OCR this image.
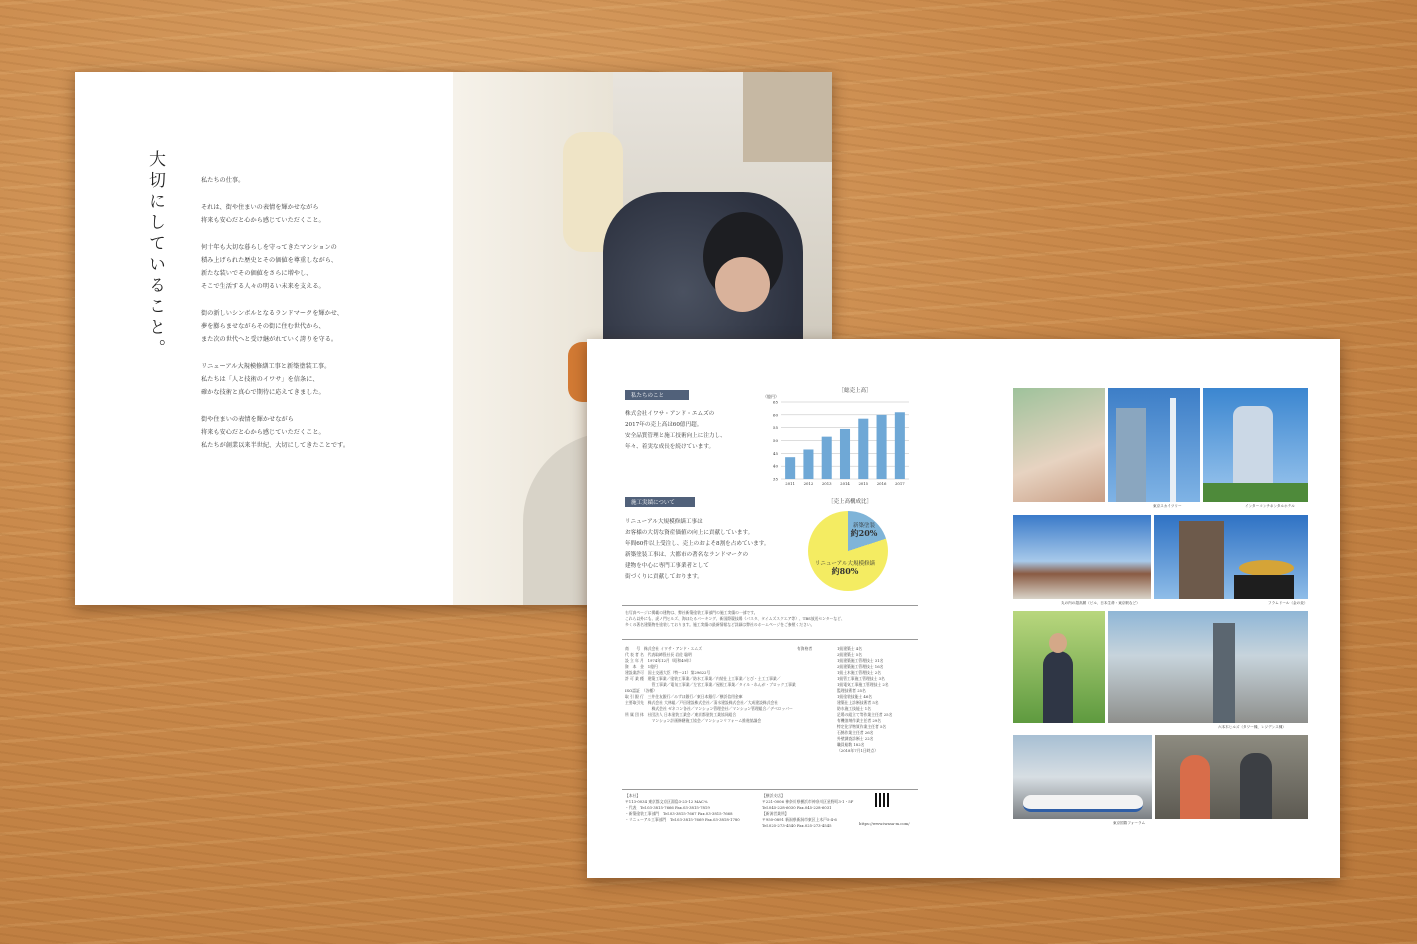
大切にしていること。	私たちの仕事。

それは、街や住まいの表情を輝かせながら
将来も安心だと心から感じていただくこと。

何十年も大切な暮らしを守ってきたマンションの
積み上げられた歴史とその価値を尊重しながら、
新たな装いでその価値をさらに増やし、
そこで生活する人々の明るい未来を支える。

街の新しいシンボルとなるランドマークを輝かせ、
夢を膨らませながらその街に住む世代から、
また次の世代へと受け継がれていく誇りを守る。

リニューアル大規模修繕工事と新築塗装工事。
私たちは「人と技術のイワサ」を信条に、
確かな技術と真心で期待に応えてきました。

街や住まいの表情を輝かせながら
将来も安心だと心から感じていただくこと。
私たちが創業以来半世紀、大切にしてきたことです。

私たちのこと
株式会社イワサ・アンド・エムズの
2017年の売上高は60億円超。
安全品質管理と施工技術向上に注力し、
年々、着実な成長を続けています。
［総売上高］
（億円）
65
60
55
50
45
40
35
2011 2012 2013 2014 2015 2016 2017
施工実績について
リニューアル大規模修繕工事は
お客様の大切な資産価値の向上に貢献しています。
年間60件以上受注し、売上のおよそ8割を占めています。
新築塗装工事は、大都市の著名なランドマークの
建物を中心に専門工事業者として
街づくりに貢献しております。
［売上高構成比］
新築塗装
約20%
リニューアル大規模修繕
約80%
右写真ページに掲載の建物は、弊社新築塗装工事部門の施工実績の一部です。
これら以外にも、虎ノ門ヒルズ、海ほたるパーキング、新国際競技場（パスタ、タイムズスクエア等）、TBS放送センターなど、
多くの著名建築物を塗装しております。施工実績の最新情報など詳細は弊社のホームページをご参照ください。
商　　号　株式会社 イワサ・アンド・エムズ
代 表 者 名　代表取締役社長 岩佐 聡明
設 立 年 月　1974年12月（昭和49年）
資　本　金　1億円
建設業許可　国土交通大臣（特ー21）第29622号
許 可 業 種　建築工事業／塗装工事業／防水工事業／内装仕上工事業／とび・土工工事業／
　　　　　　　管工事業／電気工事業／左官工事業／屋根工事業／タイル・れんが・ブロック工事業
ISO認証　（各種）
取 引 銀 行　三井住友銀行／みずほ銀行／東日本銀行／横浜信用金庫
主要取引先　株式会社 大林組／戸田建設株式会社／清水建設株式会社／大成建設株式会社
　　　　　　　株式会社 ゼネコン各社／マンション管理会社／マンション管理組合／デベロッパー
所 属 団 体　社団法人 日本塗装工業会／東京都塗装工業協同組合
　　　　　　　マンション計画修繕施工協会／マンションリフォーム推進協議会
有資格者	1級建築士 4名
2級建築士 5名
1級建築施工管理技士 31名
2級建築施工管理技士 16名
1級土木施工管理技士 2名
1級管工事施工管理技士 3名
1級電気工事施工管理技士 2名
監理技術者 25名
1級塗装技能士 46名
建築仕上診断技術者 5名
防水施工技能士 1名
足場の組立て等作業主任者 25名
有機溶剤作業主任者 29名
特定化学物質作業主任者 5名
石綿作業主任者 26名
外壁調査診断士 22名
職員総数 182名
（2018年7月1日時点）
【本社】
〒113-0034 東京都文京区湯島3-23-12 MAC%
・代表　Tel.03-3815-7666 Fax.03-3815-7819
・新築塗装工事部門　Tel.03-3815-7667 Fax.03-3815-7668
・リニューアル工事部門　Tel.03-3815-7669 Fax.03-3818-1780
【横浜支店】
〒221-0006 神奈川県横浜市神奈川区星野町3-1・5F
Tel.045-228-6030 Fax.045-228-6031
【新潟営業所】
〒950-0891 新潟県新潟市東区上木戸5-4-6
Tel.025-273-4540 Fax.025-273-4545	https://www.iwasa-m.com/
東京スカイツリー	インターコンチネンタルホテル
丸の内の超高層（ビル、日本生命・東京駅など）	フラムドール（金の炎）
六本木ヒルズ（タワー棟、レジデンス棟）
東京国際フォーラム
